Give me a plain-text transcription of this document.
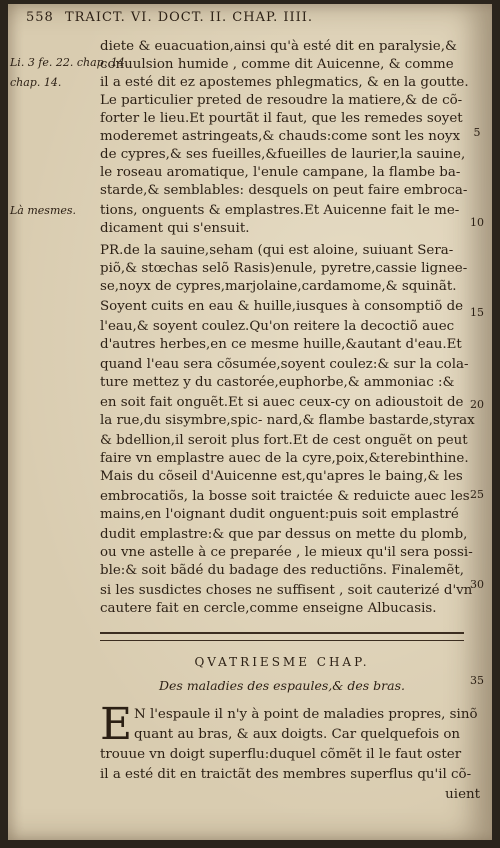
558 TRAICT. VI. DOCT. II. CHAP. IIII.
Li. 3 fe. 22. chap. 14.
chap. 14.
Là mesmes.
5
10
15
20
25
30
35
diete & euacuation,ainsi qu'à esté dit en paralysie,&
conuulsion humide , comme dit Auicenne, & comme
il a esté dit ez apostemes phlegmatics, & en la goutte.
Le particulier preted de resoudre la matiere,& de cõ-
forter le lieu.Et pourtãt il faut, que les remedes soyet
moderemet astringeats,& chauds:come sont les noyx
de cypres,& ses fueilles,&fueilles de laurier,la sauine,
le roseau aromatique, l'enule campane, la flambe ba-
starde,& semblables: desquels on peut faire embroca-
tions, onguents & emplastres.Et Auicenne fait le me-
dicament qui s'ensuit.
PR.de la sauine,seham (qui est aloine, suiuant Sera-
piõ,& stœchas selõ Rasis)enule, pyretre,cassie lignee-
se,noyx de cypres,marjolaine,cardamome,& squinãt.
Soyent cuits en eau & huille,iusques à consomptiõ de
l'eau,& soyent coulez.Qu'on reitere la decoctiõ auec
d'autres herbes,en ce mesme huille,&autant d'eau.Et
quand l'eau sera cõsumée,soyent coulez:& sur la cola-
ture mettez y du castorée,euphorbe,& ammoniac :&
en soit fait onguẽt.Et si auec ceux-cy on adioustoit de
la rue,du sisymbre,spic- nard,& flambe bastarde,styrax
& bdellion,il seroit plus fort.Et de cest onguẽt on peut
faire vn emplastre auec de la cyre,poix,&terebinthine.
Mais du cõseil d'Auicenne est,qu'apres le baing,& les
embrocatiõs, la bosse soit traictée & reduicte auec les
mains,en l'oignant dudit onguent:puis soit emplastré
dudit emplastre:& que par dessus on mette du plomb,
ou vne astelle à ce preparée , le mieux qu'il sera possi-
ble:& soit bãdé du badage des reductiõns. Finalemẽt,
si les susdictes choses ne suffisent , soit cauterizé d'vn
cautere fait en cercle,comme enseigne Albucasis.
QVATRIESME CHAP.
Des maladies des espaules,& des bras.
E N l'espaule il n'y à point de maladies propres, sinõ
quant au bras, & aux doigts. Car quelquefois on
trouue vn doigt superflu:duquel cõmẽt il le faut oster
il a esté dit en traictãt des membres superflus qu'il cõ-
uient
